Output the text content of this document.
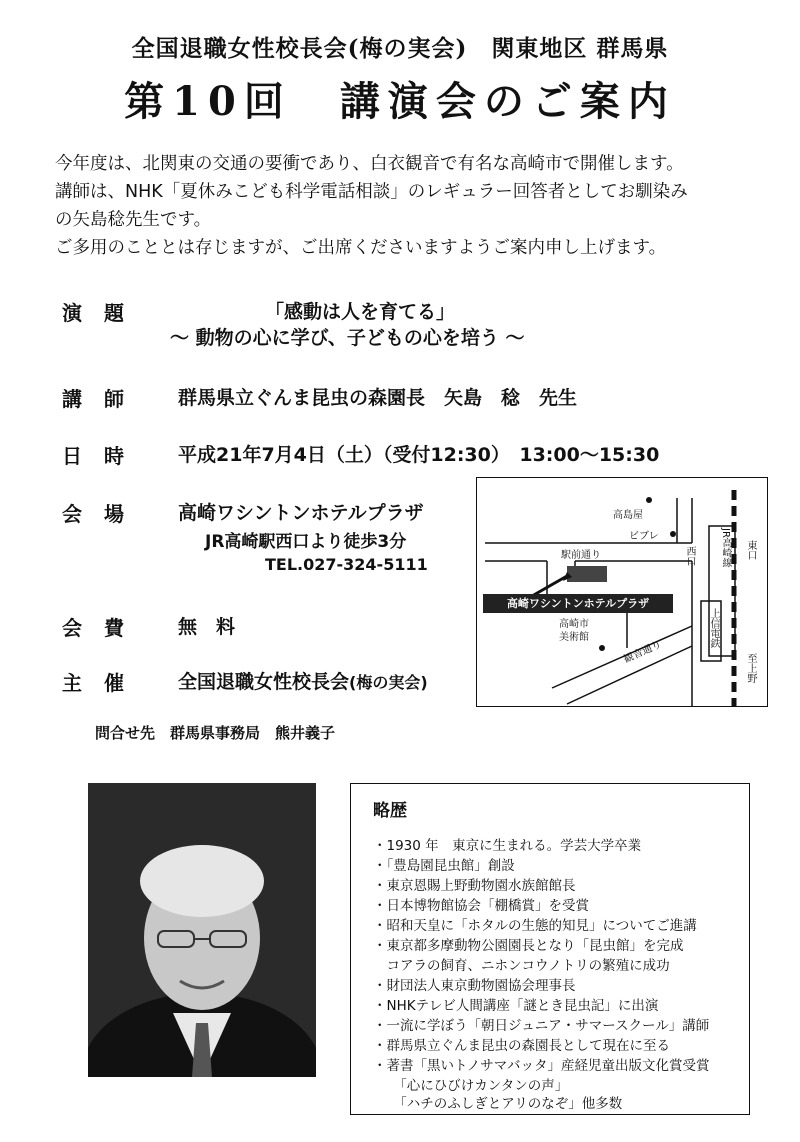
全国退職女性校長会(梅の実会)　関東地区 群馬県
第10回　講演会のご案内
今年度は、北関東の交通の要衝であり、白衣観音で有名な高崎市で開催します。
講師は、NHK「夏休みこども科学電話相談」のレギュラー回答者としてお馴染み
の矢島稔先生です。
ご多用のこととは存じますが、ご出席くださいますようご案内申し上げます。
演題	「感動は人を育てる」
〜 動物の心に学び、子どもの心を培う 〜
講師 群馬県立ぐんま昆虫の森園長　矢島　稔　先生
日時 平成21年7月4日（土）（受付12:30）　13:00〜15:30
会場 高崎ワシントンホテルプラザ
JR高崎駅西口より徒歩3分
TEL.027-324-5111
会費 無　料
主催 全国退職女性校長会(梅の実会)
問合せ先　群馬県事務局　熊井義子
高島屋
ビブレ
駅前通り
高崎ワシントンホテルプラザ
高崎市
美術館
観音通り
西口	JR高崎線 東口
上信電鉄
至上野
略歴
・1930 年　東京に生まれる。学芸大学卒業
・「豊島園昆虫館」創設
・東京恩賜上野動物園水族館館長
・日本博物館協会「棚橋賞」を受賞
・昭和天皇に「ホタルの生態的知見」についてご進講
・東京都多摩動物公園園長となり「昆虫館」を完成
　コアラの飼育、ニホンコウノトリの繁殖に成功
・財団法人東京動物園協会理事長
・NHKテレビ人間講座「謎とき昆虫記」に出演
・一流に学ぼう「朝日ジュニア・サマースクール」講師
・群馬県立ぐんま昆虫の森園長として現在に至る
・著書「黒いトノサマバッタ」産経児童出版文化賞受賞
　　「心にひびけカンタンの声」
　　「ハチのふしぎとアリのなぞ」他多数
